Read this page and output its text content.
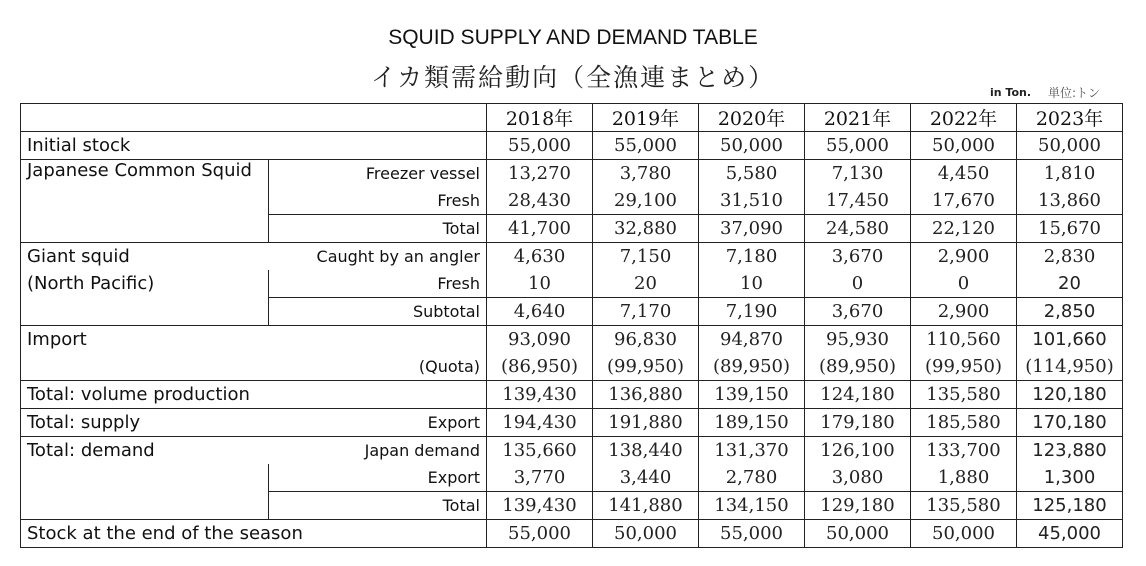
SQUID SUPPLY AND DEMAND TABLE
イカ類需給動向（全漁連まとめ）
in Ton. 単位:トン
		2018年	2019年	2020年	2021年	2022年	2023年
Initial stock		55,000	55,000	50,000	55,000	50,000	50,000
Japanese Common Squid	Freezer vessel	13,270	3,780	5,580	7,130	4,450	1,810
	Fresh	28,430	29,100	31,510	17,450	17,670	13,860
	Total	41,700	32,880	37,090	24,580	22,120	15,670
Giant squid	Caught by an angler	4,630	7,150	7,180	3,670	2,900	2,830
(North Pacific)	Fresh	10	20	10	0	0	20
	Subtotal	4,640	7,170	7,190	3,670	2,900	2,850
Import		93,090	96,830	94,870	95,930	110,560	101,660
	(Quota)	(86,950)	(99,950)	(89,950)	(89,950)	(99,950)	(114,950)
Total: volume production		139,430	136,880	139,150	124,180	135,580	120,180
Total: supply	Export	194,430	191,880	189,150	179,180	185,580	170,180
Total: demand	Japan demand	135,660	138,440	131,370	126,100	133,700	123,880
	Export	3,770	3,440	2,780	3,080	1,880	1,300
	Total	139,430	141,880	134,150	129,180	135,580	125,180
Stock at the end of the season		55,000	50,000	55,000	50,000	50,000	45,000
